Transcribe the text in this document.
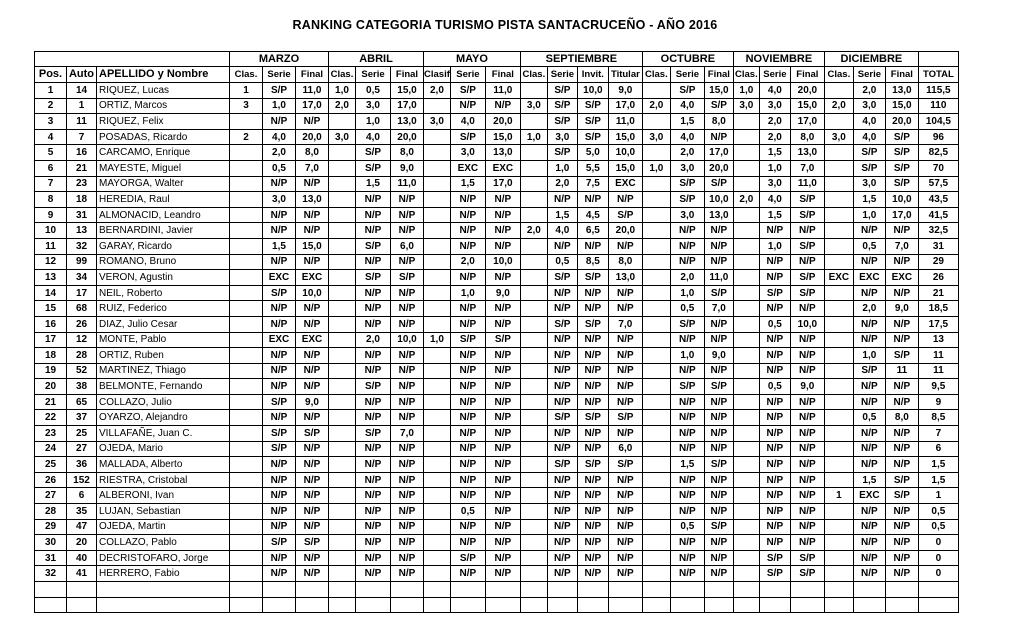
RANKING CATEGORIA TURISMO PISTA SANTACRUCEÑO - AÑO 2016
			MARZO			ABRIL			MAYO			SEPTIEMBRE				OCTUBRE			NOVIEMBRE			DICIEMBRE			
Pos.	Auto	APELLIDO y Nombre	Clas.	Serie	Final	Clas.	Serie	Final	Clasif	Serie	Final	Clas.	Serie	Invit.	Titular	Clas.	Serie	Final	Clas.	Serie	Final	Clas.	Serie	Final	TOTAL
1	14	RIQUEZ, Lucas	1	S/P	11,0	1,0	0,5	15,0	2,0	S/P	11,0		S/P	10,0	9,0		S/P	15,0	1,0	4,0	20,0		2,0	13,0	115,5
2	1	ORTIZ, Marcos	3	1,0	17,0	2,0	3,0	17,0		N/P	N/P	3,0	S/P	S/P	17,0	2,0	4,0	S/P	3,0	3,0	15,0	2,0	3,0	15,0	110
3	11	RIQUEZ, Felix		N/P	N/P		1,0	13,0	3,0	4,0	20,0		S/P	S/P	11,0		1,5	8,0		2,0	17,0		4,0	20,0	104,5
4	7	POSADAS, Ricardo	2	4,0	20,0	3,0	4,0	20,0		S/P	15,0	1,0	3,0	S/P	15,0	3,0	4,0	N/P		2,0	8,0	3,0	4,0	S/P	96
5	16	CARCAMO, Enrique		2,0	8,0		S/P	8,0		3,0	13,0		S/P	5,0	10,0		2,0	17,0		1,5	13,0		S/P	S/P	82,5
6	21	MAYESTE, Miguel		0,5	7,0		S/P	9,0		EXC	EXC		1,0	5,5	15,0	1,0	3,0	20,0		1,0	7,0		S/P	S/P	70
7	23	MAYORGA, Walter		N/P	N/P		1,5	11,0		1,5	17,0		2,0	7,5	EXC		S/P	S/P		3,0	11,0		3,0	S/P	57,5
8	18	HEREDIA, Raul		3,0	13,0		N/P	N/P		N/P	N/P		N/P	N/P	N/P		S/P	10,0	2,0	4,0	S/P		1,5	10,0	43,5
9	31	ALMONACID, Leandro		N/P	N/P		N/P	N/P		N/P	N/P		1,5	4,5	S/P		3,0	13,0		1,5	S/P		1,0	17,0	41,5
10	13	BERNARDINI, Javier		N/P	N/P		N/P	N/P		N/P	N/P	2,0	4,0	6,5	20,0		N/P	N/P		N/P	N/P		N/P	N/P	32,5
11	32	GARAY, Ricardo		1,5	15,0		S/P	6,0		N/P	N/P		N/P	N/P	N/P		N/P	N/P		1,0	S/P		0,5	7,0	31
12	99	ROMANO, Bruno		N/P	N/P		N/P	N/P		2,0	10,0		0,5	8,5	8,0		N/P	N/P		N/P	N/P		N/P	N/P	29
13	34	VERON, Agustin		EXC	EXC		S/P	S/P		N/P	N/P		S/P	S/P	13,0		2,0	11,0		N/P	S/P	EXC	EXC	EXC	26
14	17	NEIL, Roberto		S/P	10,0		N/P	N/P		1,0	9,0		N/P	N/P	N/P		1,0	S/P		S/P	S/P		N/P	N/P	21
15	68	RUIZ, Federico		N/P	N/P		N/P	N/P		N/P	N/P		N/P	N/P	N/P		0,5	7,0		N/P	N/P		2,0	9,0	18,5
16	26	DIAZ, Julio Cesar		N/P	N/P		N/P	N/P		N/P	N/P		S/P	S/P	7,0		S/P	N/P		0,5	10,0		N/P	N/P	17,5
17	12	MONTE, Pablo		EXC	EXC		2,0	10,0	1,0	S/P	S/P		N/P	N/P	N/P		N/P	N/P		N/P	N/P		N/P	N/P	13
18	28	ORTIZ, Ruben		N/P	N/P		N/P	N/P		N/P	N/P		N/P	N/P	N/P		1,0	9,0		N/P	N/P		1,0	S/P	11
19	52	MARTINEZ, Thiago		N/P	N/P		N/P	N/P		N/P	N/P		N/P	N/P	N/P		N/P	N/P		N/P	N/P		S/P	11	11
20	38	BELMONTE, Fernando		N/P	N/P		S/P	N/P		N/P	N/P		N/P	N/P	N/P		S/P	S/P		0,5	9,0		N/P	N/P	9,5
21	65	COLLAZO, Julio		S/P	9,0		N/P	N/P		N/P	N/P		N/P	N/P	N/P		N/P	N/P		N/P	N/P		N/P	N/P	9
22	37	OYARZO, Alejandro		N/P	N/P		N/P	N/P		N/P	N/P		S/P	S/P	S/P		N/P	N/P		N/P	N/P		0,5	8,0	8,5
23	25	VILLAFAÑE, Juan C.		S/P	S/P		S/P	7,0		N/P	N/P		N/P	N/P	N/P		N/P	N/P		N/P	N/P		N/P	N/P	7
24	27	OJEDA, Mario		S/P	N/P		N/P	N/P		N/P	N/P		N/P	N/P	6,0		N/P	N/P		N/P	N/P		N/P	N/P	6
25	36	MALLADA, Alberto		N/P	N/P		N/P	N/P		N/P	N/P		S/P	S/P	S/P		1,5	S/P		N/P	N/P		N/P	N/P	1,5
26	152	RIESTRA, Cristobal		N/P	N/P		N/P	N/P		N/P	N/P		N/P	N/P	N/P		N/P	N/P		N/P	N/P		1,5	S/P	1,5
27	6	ALBERONI, Ivan		N/P	N/P		N/P	N/P		N/P	N/P		N/P	N/P	N/P		N/P	N/P		N/P	N/P	1	EXC	S/P	1
28	35	LUJAN, Sebastian		N/P	N/P		N/P	N/P		0,5	N/P		N/P	N/P	N/P		N/P	N/P		N/P	N/P		N/P	N/P	0,5
29	47	OJEDA, Martin		N/P	N/P		N/P	N/P		N/P	N/P		N/P	N/P	N/P		0,5	S/P		N/P	N/P		N/P	N/P	0,5
30	20	COLLAZO, Pablo		S/P	S/P		N/P	N/P		N/P	N/P		N/P	N/P	N/P		N/P	N/P		N/P	N/P		N/P	N/P	0
31	40	DECRISTOFARO, Jorge		N/P	N/P		N/P	N/P		S/P	N/P		N/P	N/P	N/P		N/P	N/P		S/P	S/P		N/P	N/P	0
32	41	HERRERO, Fabio		N/P	N/P		N/P	N/P		N/P	N/P		N/P	N/P	N/P		N/P	N/P		S/P	S/P		N/P	N/P	0
